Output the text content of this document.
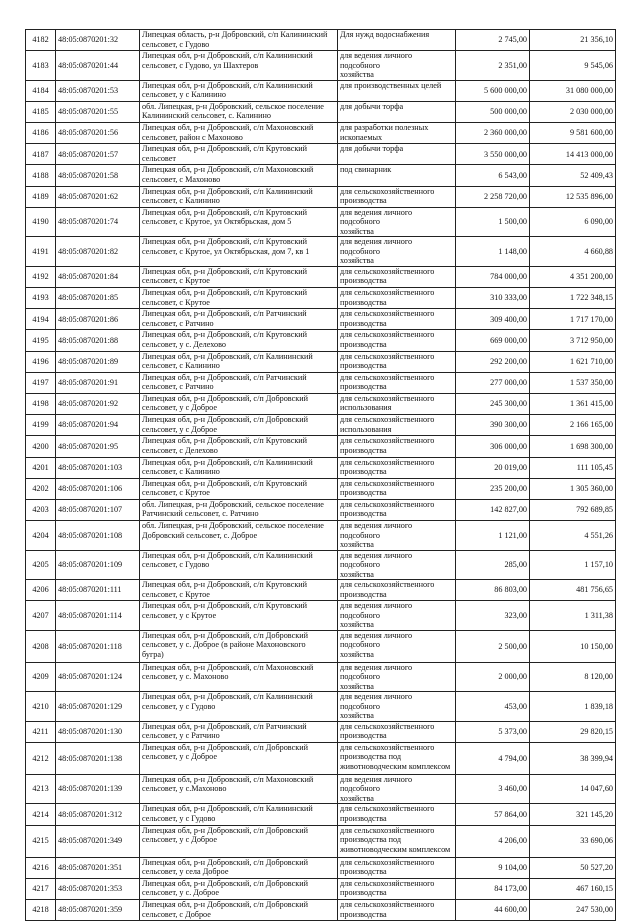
4182	48:05:0870201:32	Липецкая область, р-н Добровский, с/п Калининский
сельсовет, с Гудово	Для нужд водоснабжения	2 745,00	21 356,10
4183	48:05:0870201:44	Липецкая обл, р-н Добровский, с/п Калининский
сельсовет, с Гудово, ул Шахтеров	для ведения личного подсобного
хозяйства	2 351,00	9 545,06
4184	48:05:0870201:53	Липецкая обл, р-н Добровский, с/п Калининский
сельсовет, у с Калинино	для производственных целей	5 600 000,00	31 080 000,00
4185	48:05:0870201:55	обл. Липецкая, р-н Добровский, сельское поселение
Калининский сельсовет, с. Калинино	для добычи торфа	500 000,00	2 030 000,00
4186	48:05:0870201:56	Липецкая обл, р-н Добровский, с/п Махоновский
сельсовет, район с Махоново	для разработки полезных
ископаемых	2 360 000,00	9 581 600,00
4187	48:05:0870201:57	Липецкая обл, р-н Добровский, с/п Крутовский
сельсовет	для добычи торфа	3 550 000,00	14 413 000,00
4188	48:05:0870201:58	Липецкая обл, р-н Добровский, с/п Махоновский
сельсовет, с Махоново	под свинарник	6 543,00	52 409,43
4189	48:05:0870201:62	Липецкая обл, р-н Добровский, с/п Калининский
сельсовет, с Калинино	для сельскохозяйственного
производства	2 258 720,00	12 535 896,00
4190	48:05:0870201:74	Липецкая обл, р-н Добровский, с/п Крутовский
сельсовет, с Крутое, ул Октябрьская, дом 5	для ведения личного подсобного
хозяйства	1 500,00	6 090,00
4191	48:05:0870201:82	Липецкая обл, р-н Добровский, с/п Крутовский
сельсовет, с Крутое, ул Октябрьская, дом 7, кв 1	для ведения личного подсобного
хозяйства	1 148,00	4 660,88
4192	48:05:0870201:84	Липецкая обл, р-н Добровский, с/п Крутовский
сельсовет, с Крутое	для сельскохозяйственного
производства	784 000,00	4 351 200,00
4193	48:05:0870201:85	Липецкая обл, р-н Добровский, с/п Крутовский
сельсовет, с Крутое	для сельскохозяйственного
производства	310 333,00	1 722 348,15
4194	48:05:0870201:86	Липецкая обл, р-н Добровский, с/п Ратчинский
сельсовет, с Ратчино	для сельскохозяйственного
производства	309 400,00	1 717 170,00
4195	48:05:0870201:88	Липецкая обл, р-н Добровский, с/п Крутовский
сельсовет, у с. Делехово	для сельскохозяйственного
производства	669 000,00	3 712 950,00
4196	48:05:0870201:89	Липецкая обл, р-н Добровский, с/п Калининский
сельсовет, с Калинино	для сельскохозяйственного
производства	292 200,00	1 621 710,00
4197	48:05:0870201:91	Липецкая обл, р-н Добровский, с/п Ратчинский
сельсовет, с Ратчино	для сельскохозяйственного
производства	277 000,00	1 537 350,00
4198	48:05:0870201:92	Липецкая обл, р-н Добровский, с/п Добровский
сельсовет, у с Доброе	для сельскохозяйственного
использования	245 300,00	1 361 415,00
4199	48:05:0870201:94	Липецкая обл, р-н Добровский, с/п Добровский
сельсовет, у с Доброе	для сельскохозяйственного
использования	390 300,00	2 166 165,00
4200	48:05:0870201:95	Липецкая обл, р-н Добровский, с/п Крутовский
сельсовет, с Делехово	для сельскохозяйственного
производства	306 000,00	1 698 300,00
4201	48:05:0870201:103	Липецкая обл, р-н Добровский, с/п Калининский
сельсовет, с Калинино	для сельскохозяйственного
производства	20 019,00	111 105,45
4202	48:05:0870201:106	Липецкая обл, р-н Добровский, с/п Крутовский
сельсовет, с Крутое	для сельскохозяйственного
производства	235 200,00	1 305 360,00
4203	48:05:0870201:107	обл. Липецкая, р-н Добровский, сельское поселение
Ратчинский сельсовет, с. Ратчино	для сельскохозяйственного
производства	142 827,00	792 689,85
4204	48:05:0870201:108	обл. Липецкая, р-н Добровский, сельское поселение
Добровский сельсовет, с. Доброе	для ведения личного подсобного
хозяйства	1 121,00	4 551,26
4205	48:05:0870201:109	Липецкая обл, р-н Добровский, с/п Калининский
сельсовет, с Гудово	для ведения личного подсобного
хозяйства	285,00	1 157,10
4206	48:05:0870201:111	Липецкая обл, р-н Добровский, с/п Крутовский
сельсовет, с Крутое	для сельскохозяйственного
производства	86 803,00	481 756,65
4207	48:05:0870201:114	Липецкая обл, р-н Добровский, с/п Крутовский
сельсовет, у с Крутое	для ведения личного подсобного
хозяйства	323,00	1 311,38
4208	48:05:0870201:118	Липецкая обл, р-н Добровский, с/п Добровский
сельсовет, у с. Доброе (в районе Махоновского
бугра)	для ведения личного подсобного
хозяйства	2 500,00	10 150,00
4209	48:05:0870201:124	Липецкая обл, р-н Добровский, с/п Махоновский
сельсовет, у с. Махоново	для ведения личного подсобного
хозяйства	2 000,00	8 120,00
4210	48:05:0870201:129	Липецкая обл, р-н Добровский, с/п Калининский
сельсовет, у с Гудово	для ведения личного подсобного
хозяйства	453,00	1 839,18
4211	48:05:0870201:130	Липецкая обл, р-н Добровский, с/п Ратчинский
сельсовет, у с Ратчино	для сельскохозяйственного
производства	5 373,00	29 820,15
4212	48:05:0870201:138	Липецкая обл, р-н Добровский, с/п Добровский
сельсовет, у с Доброе	для сельскохозяйственного
производства под
животноводческим комплексом	4 794,00	38 399,94
4213	48:05:0870201:139	Липецкая обл, р-н Добровский, с/п Махоновский
сельсовет, у с.Махоново	для ведения личного подсобного
хозяйства	3 460,00	14 047,60
4214	48:05:0870201:312	Липецкая обл, р-н Добровский, с/п Калининский
сельсовет, у с Гудово	для сельскохозяйственного
производства	57 864,00	321 145,20
4215	48:05:0870201:349	Липецкая обл, р-н Добровский, с/п Добровский
сельсовет, у с Доброе	для сельскохозяйственного
производства под
животноводческим комплексом	4 206,00	33 690,06
4216	48:05:0870201:351	Липецкая обл, р-н Добровский, с/п Добровский
сельсовет, у села Доброе	для сельскохозяйственного
производства	9 104,00	50 527,20
4217	48:05:0870201:353	Липецкая обл, р-н Добровский, с/п Добровский
сельсовет, у с. Доброе	для сельскохозяйственного
производства	84 173,00	467 160,15
4218	48:05:0870201:359	Липецкая обл, р-н Добровский, с/п Добровский
сельсовет, с Доброе	для сельскохозяйственного
производства	44 600,00	247 530,00
